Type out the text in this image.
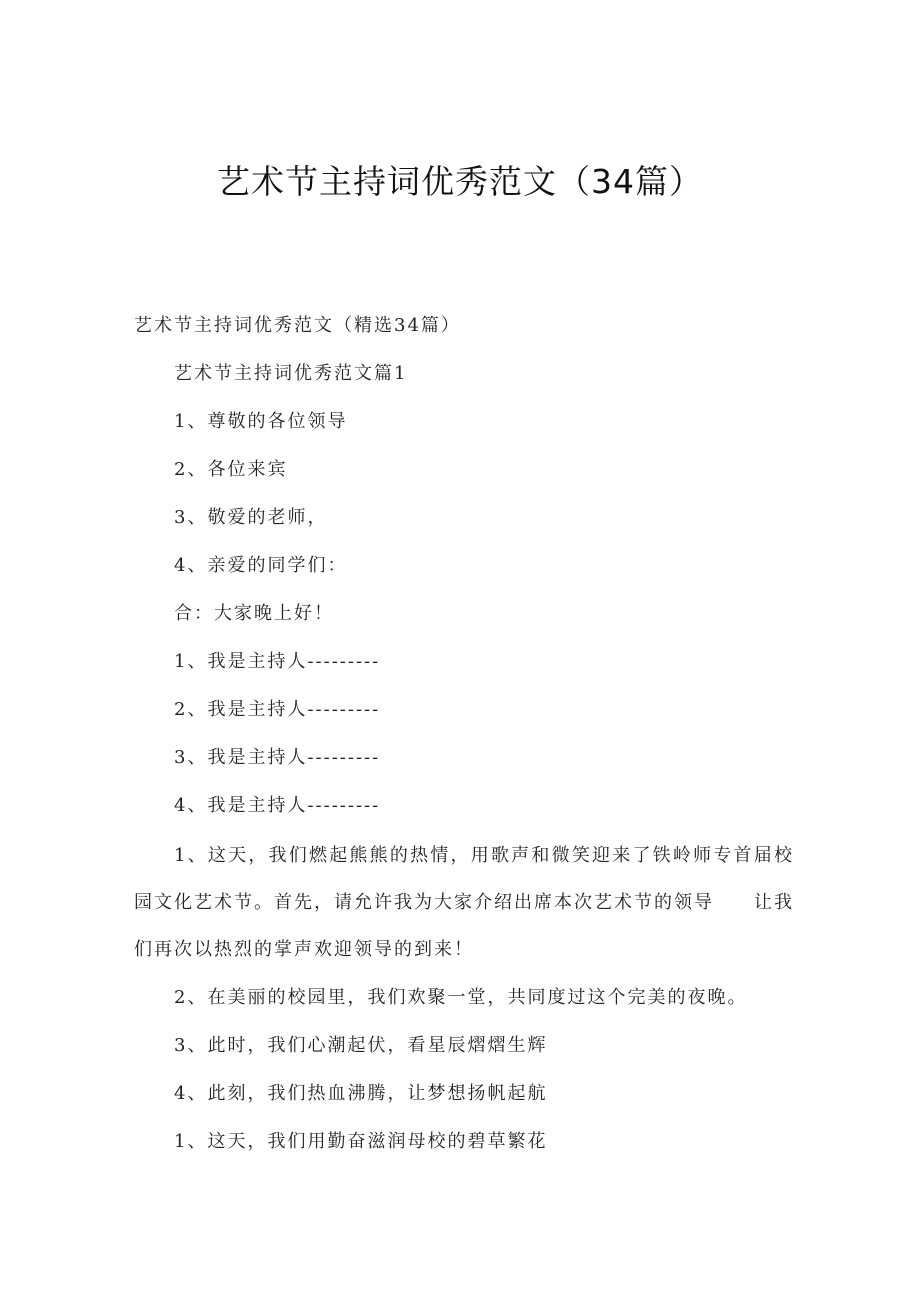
艺术节主持词优秀范文（34篇）
艺术节主持词优秀范文（精选34篇）
艺术节主持词优秀范文篇1
1、尊敬的各位领导
2、各位来宾
3、敬爱的老师，
4、亲爱的同学们：
合：大家晚上好！
1、我是主持人---------
2、我是主持人---------
3、我是主持人---------
4、我是主持人---------
1、这天，我们燃起熊熊的热情，用歌声和微笑迎来了铁岭师专首届校园文化艺术节。首先，请允许我为大家介绍出席本次艺术节的领导　　让我们再次以热烈的掌声欢迎领导的到来！
2、在美丽的校园里，我们欢聚一堂，共同度过这个完美的夜晚。
3、此时，我们心潮起伏，看星辰熠熠生辉
4、此刻，我们热血沸腾，让梦想扬帆起航
1、这天，我们用勤奋滋润母校的碧草繁花
